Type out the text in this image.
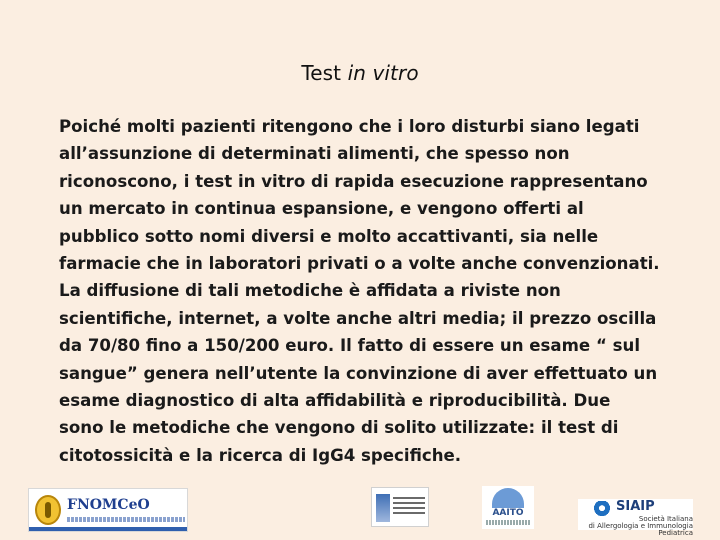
Test in vitro
Poiché molti pazienti ritengono che i loro disturbi siano legati
all’assunzione di determinati alimenti, che spesso non
riconoscono, i test in vitro di rapida esecuzione rappresentano
un mercato in continua espansione, e vengono offerti al
pubblico sotto nomi diversi e molto accattivanti, sia nelle
farmacie che in laboratori privati o a volte anche convenzionati.
La diffusione di tali metodiche è affidata a riviste non
scientifiche, internet, a volte anche altri media; il prezzo oscilla
da 70/80 fino a 150/200 euro. Il fatto di essere un esame “ sul
sangue” genera nell’utente la convinzione di aver effettuato un
esame diagnostico di alta affidabilità e riproducibilità. Due
sono le metodiche che vengono di solito utilizzate: il test di
citotossicità e la ricerca di IgG4 specifiche.
FNOMCeO	AAITO	SIAIP
Società Italiana
di Allergologia e Immunologia Pediatrica
